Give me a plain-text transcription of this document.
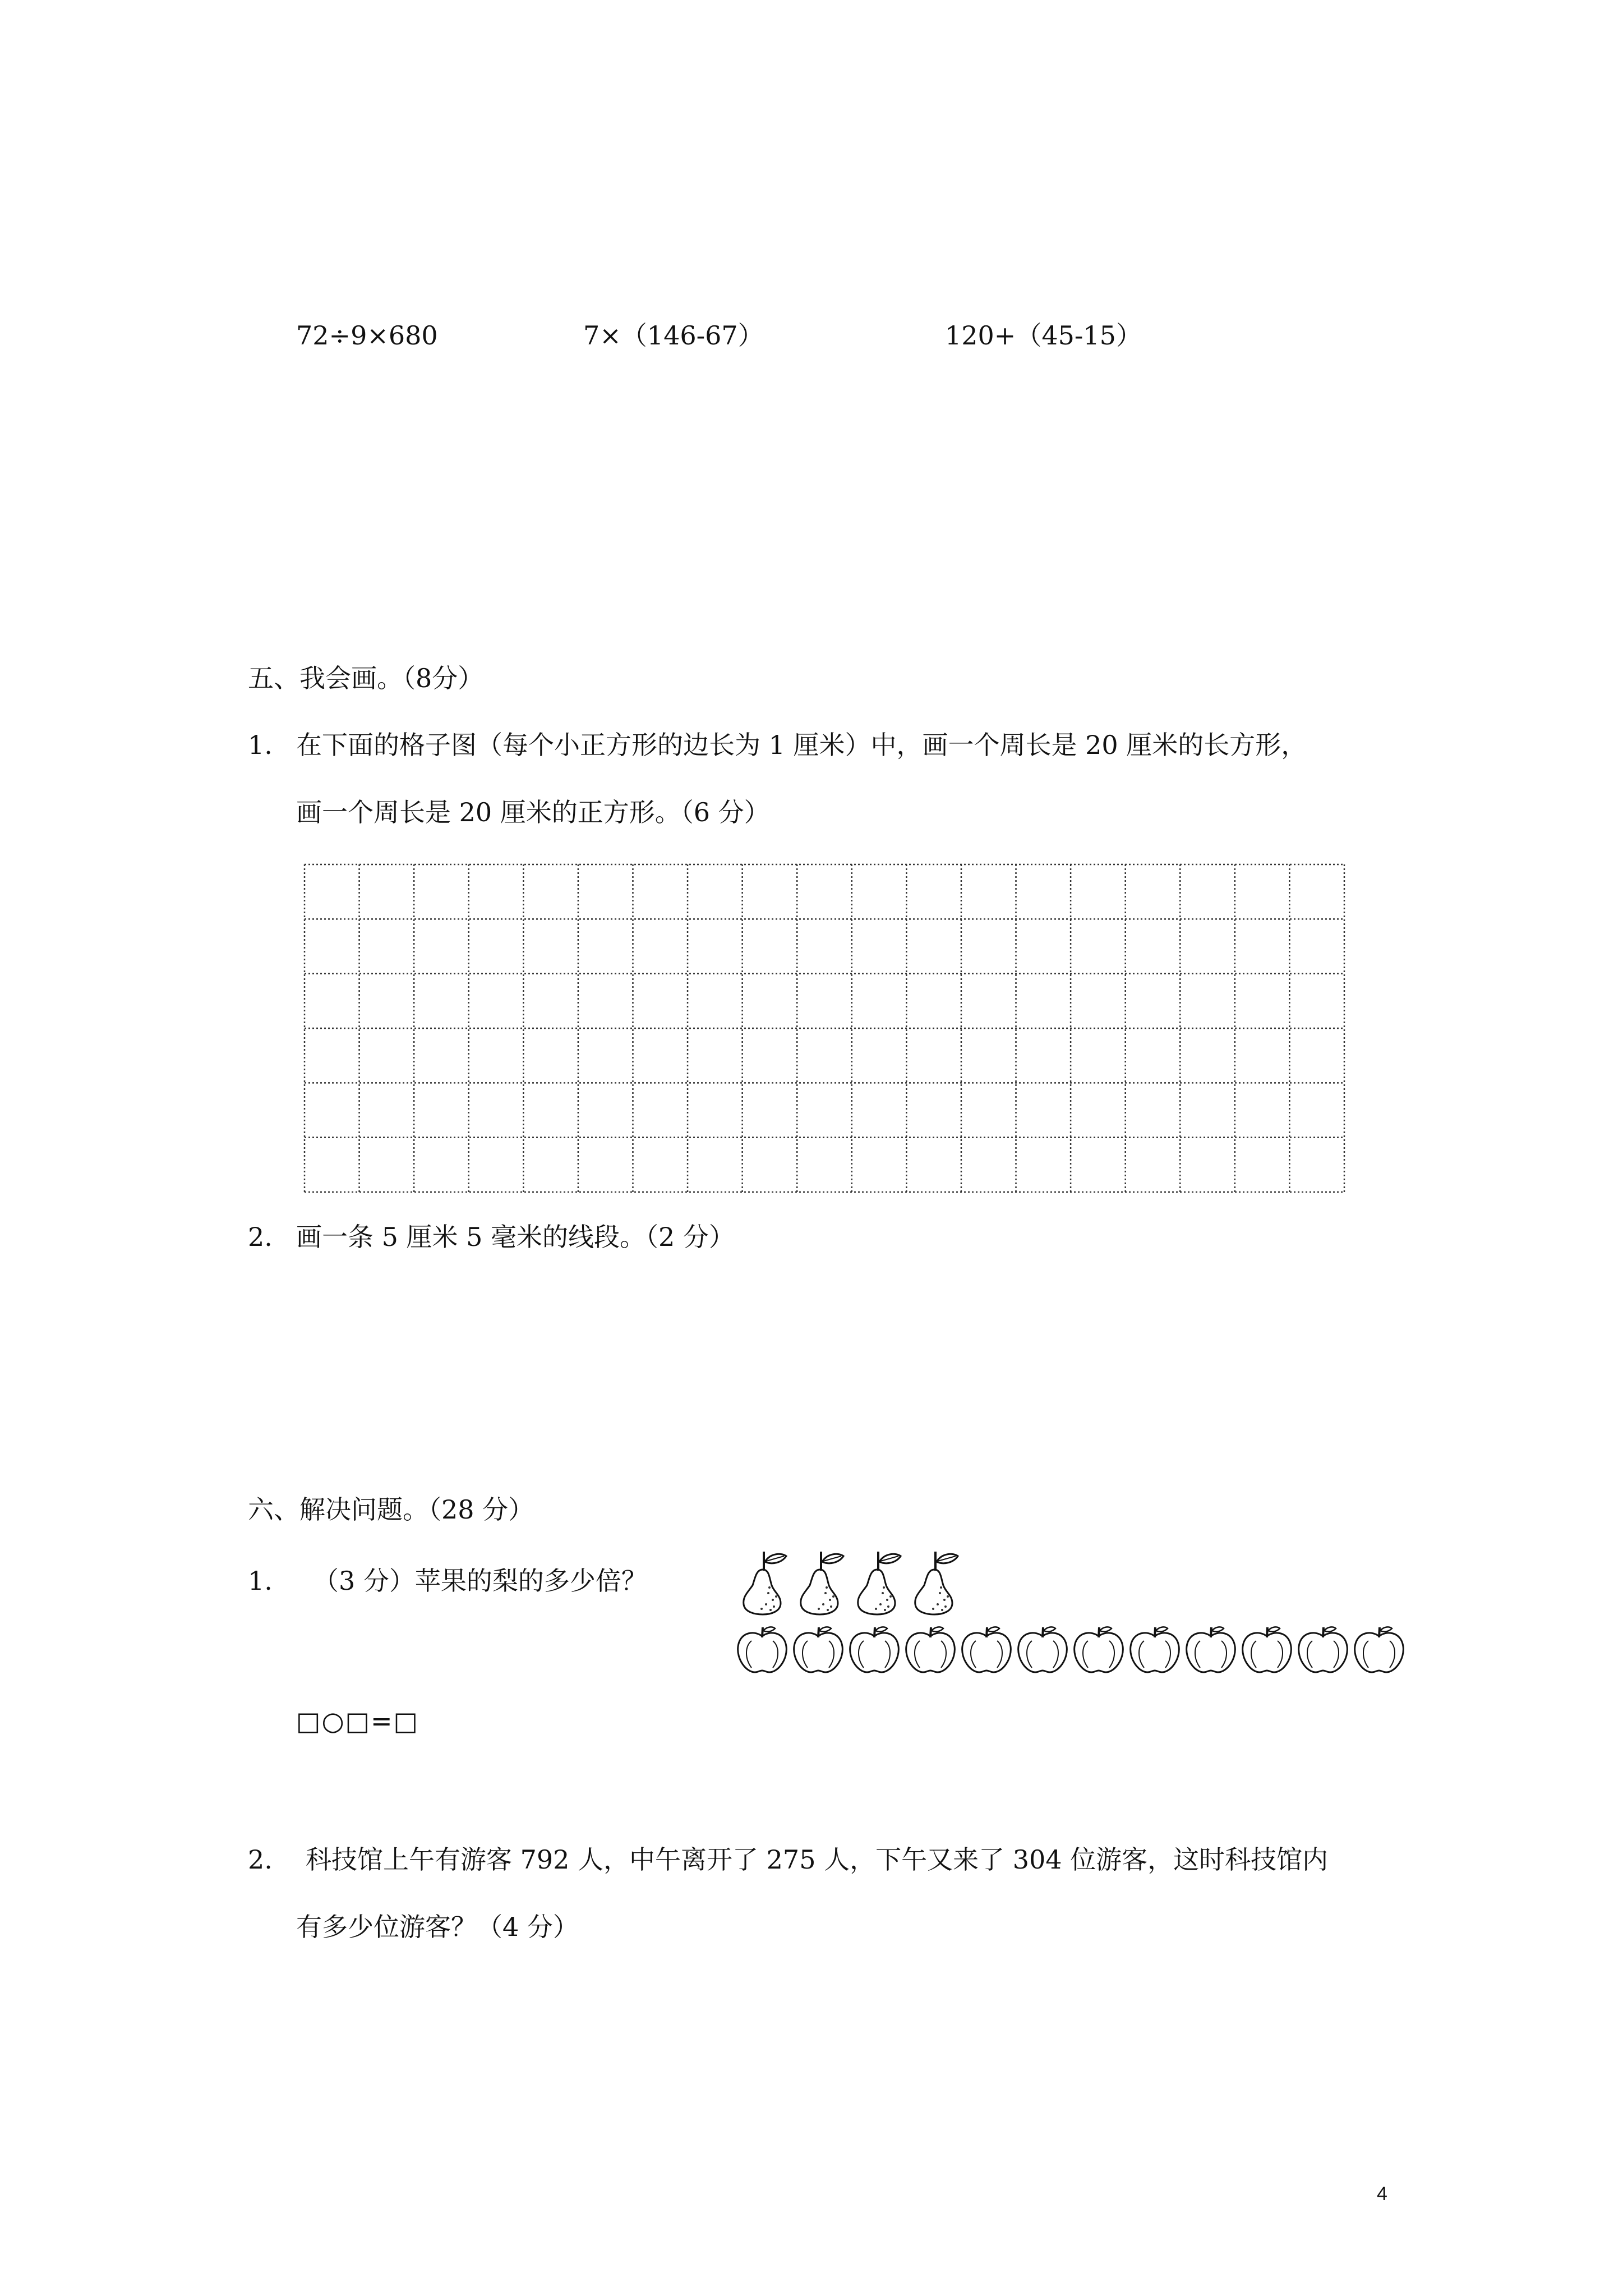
72÷9×680	7×（146-67）	120+（45-15）
五、我会画。（8分）
1. 在下面的格子图（每个小正方形的边长为 1 厘米）中，画一个周长是 20 厘米的长方形，
画一个周长是 20 厘米的正方形。（6 分）
2. 画一条 5 厘米 5 毫米的线段。（2 分）
六、解决问题。（28 分）
1. （3 分）苹果的梨的多少倍？
□○□=□
2. 科技馆上午有游客 792 人，中午离开了 275 人，下午又来了 304 位游客，这时科技馆内
有多少位游客？（4 分）
4
